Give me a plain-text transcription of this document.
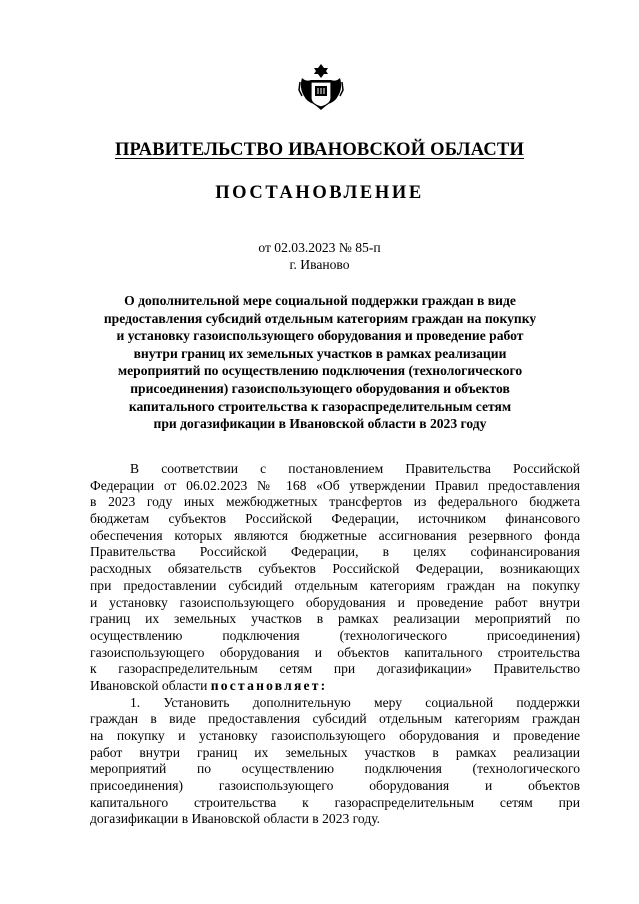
ПРАВИТЕЛЬСТВО ИВАНОВСКОЙ ОБЛАСТИ
ПОСТАНОВЛЕНИЕ
от 02.03.2023 № 85-п
г. Иваново
О дополнительной мере социальной поддержки граждан в виде
предоставления субсидий отдельным категориям граждан на покупку
и установку газоиспользующего оборудования и проведение работ
внутри границ их земельных участков в рамках реализации
мероприятий по осуществлению подключения (технологического
присоединения) газоиспользующего оборудования и объектов
капитального строительства к газораспределительным сетям
при догазификации в Ивановской области в 2023 году
В соответствии с постановлением Правительства Российской
Федерации от 06.02.2023 № 168 «Об утверждении Правил предоставления
в 2023 году иных межбюджетных трансфертов из федерального бюджета
бюджетам субъектов Российской Федерации, источником финансового
обеспечения которых являются бюджетные ассигнования резервного фонда
Правительства Российской Федерации, в целях софинансирования
расходных обязательств субъектов Российской Федерации, возникающих
при предоставлении субсидий отдельным категориям граждан на покупку
и установку газоиспользующего оборудования и проведение работ внутри
границ их земельных участков в рамках реализации мероприятий по
осуществлению подключения (технологического присоединения)
газоиспользующего оборудования и объектов капитального строительства
к газораспределительным сетям при догазификации» Правительство
Ивановской области постановляет:
1. Установить дополнительную меру социальной поддержки
граждан в виде предоставления субсидий отдельным категориям граждан
на покупку и установку газоиспользующего оборудования и проведение
работ внутри границ их земельных участков в рамках реализации
мероприятий по осуществлению подключения (технологического
присоединения) газоиспользующего оборудования и объектов
капитального строительства к газораспределительным сетям при
догазификации в Ивановской области в 2023 году.
